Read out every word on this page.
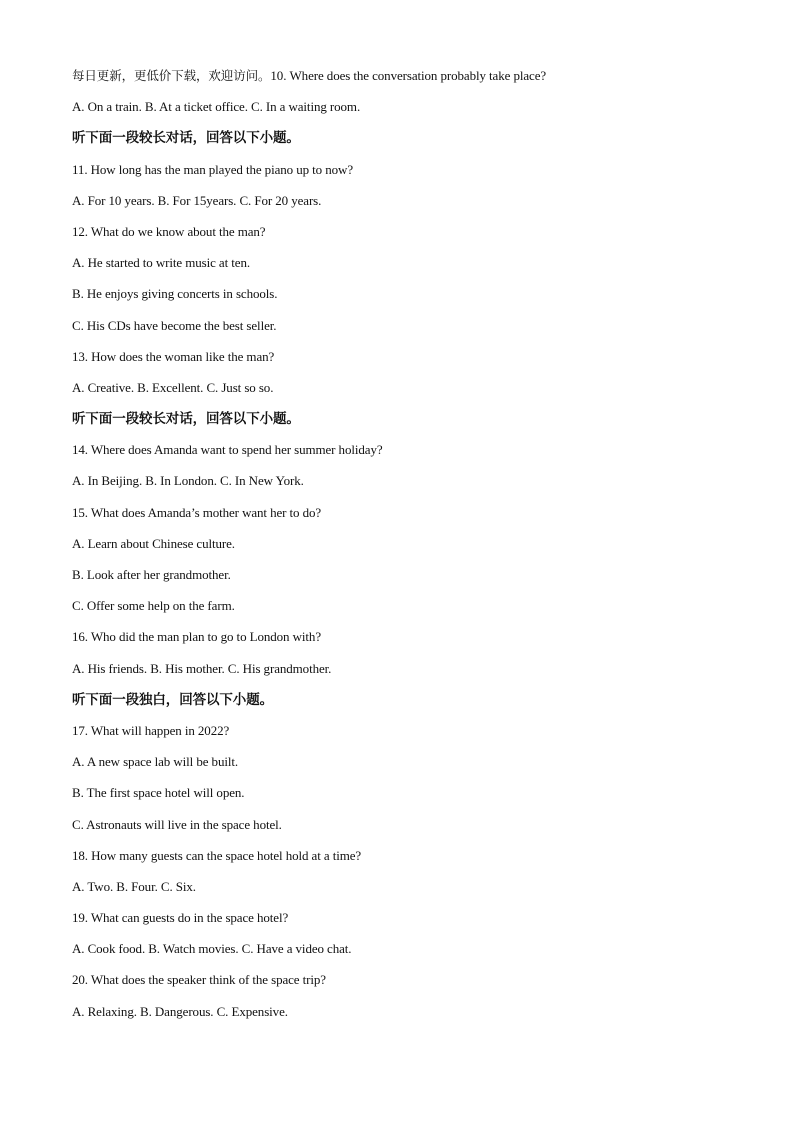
每日更新，更低价下载，欢迎访问。10. Where does the conversation probably take place?
A. On a train. B. At a ticket office. C. In a waiting room.
听下面一段较长对话，回答以下小题。
11. How long has the man played the piano up to now?
A. For 10 years. B. For 15years. C. For 20 years.
12. What do we know about the man?
A. He started to write music at ten.
B. He enjoys giving concerts in schools.
C. His CDs have become the best seller.
13. How does the woman like the man?
A. Creative. B. Excellent. C. Just so so.
听下面一段较长对话，回答以下小题。
14. Where does Amanda want to spend her summer holiday?
A. In Beijing. B. In London. C. In New York.
15. What does Amanda’s mother want her to do?
A. Learn about Chinese culture.
B. Look after her grandmother.
C. Offer some help on the farm.
16. Who did the man plan to go to London with?
A. His friends. B. His mother. C. His grandmother.
听下面一段独白，回答以下小题。
17. What will happen in 2022?
A. A new space lab will be built.
B. The first space hotel will open.
C. Astronauts will live in the space hotel.
18. How many guests can the space hotel hold at a time?
A. Two. B. Four. C. Six.
19. What can guests do in the space hotel?
A. Cook food. B. Watch movies. C. Have a video chat.
20. What does the speaker think of the space trip?
A. Relaxing. B. Dangerous. C. Expensive.
